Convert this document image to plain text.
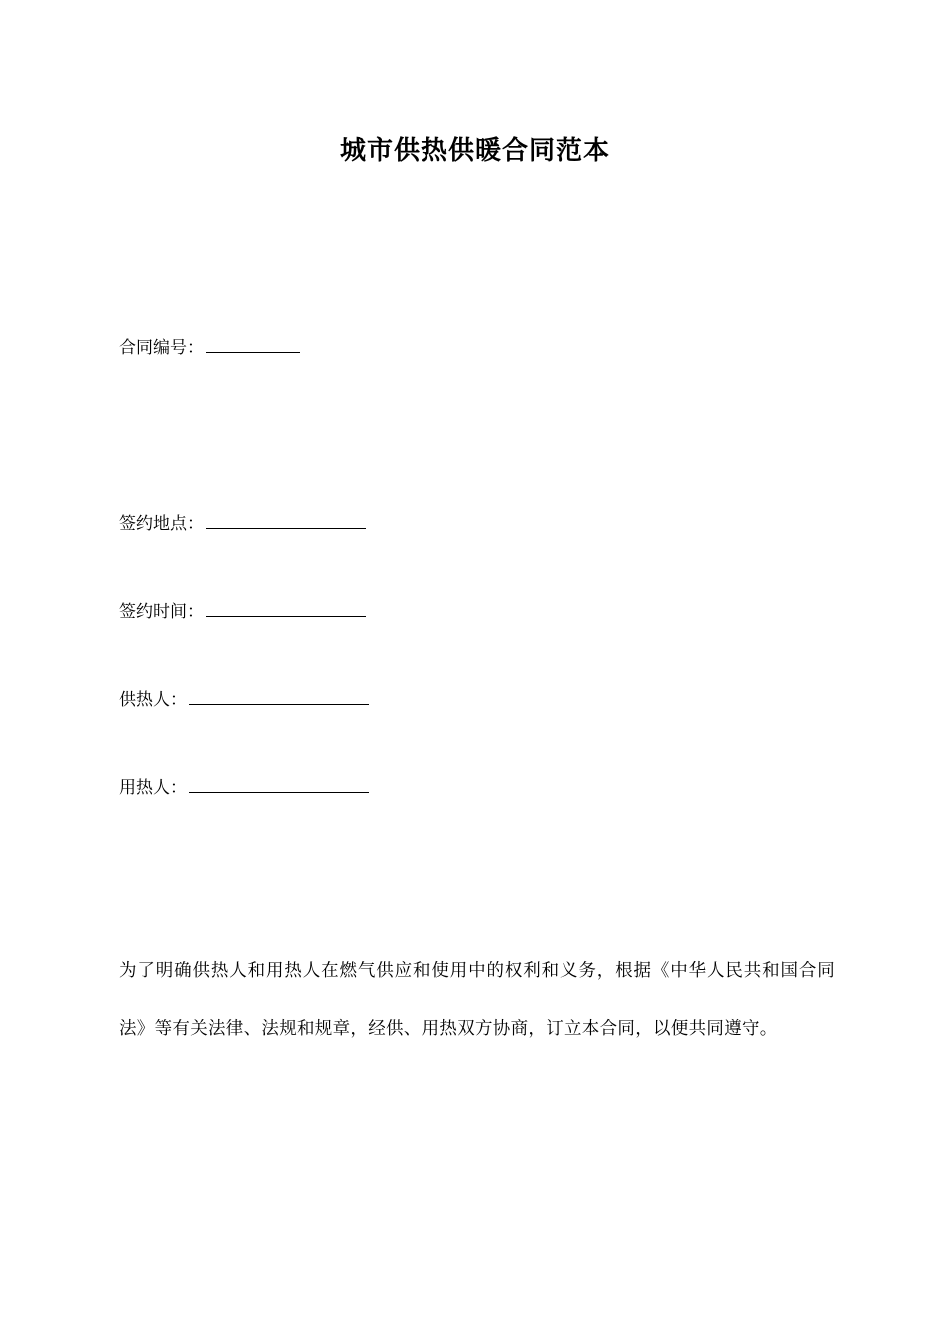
城市供热供暖合同范本
合同编号：
签约地点：
签约时间：
供热人：
用热人：
为了明确供热人和用热人在燃气供应和使用中的权利和义务，根据《中华人民共和国合同法》等有关法律、法规和规章，经供、用热双方协商，订立本合同，以便共同遵守。
